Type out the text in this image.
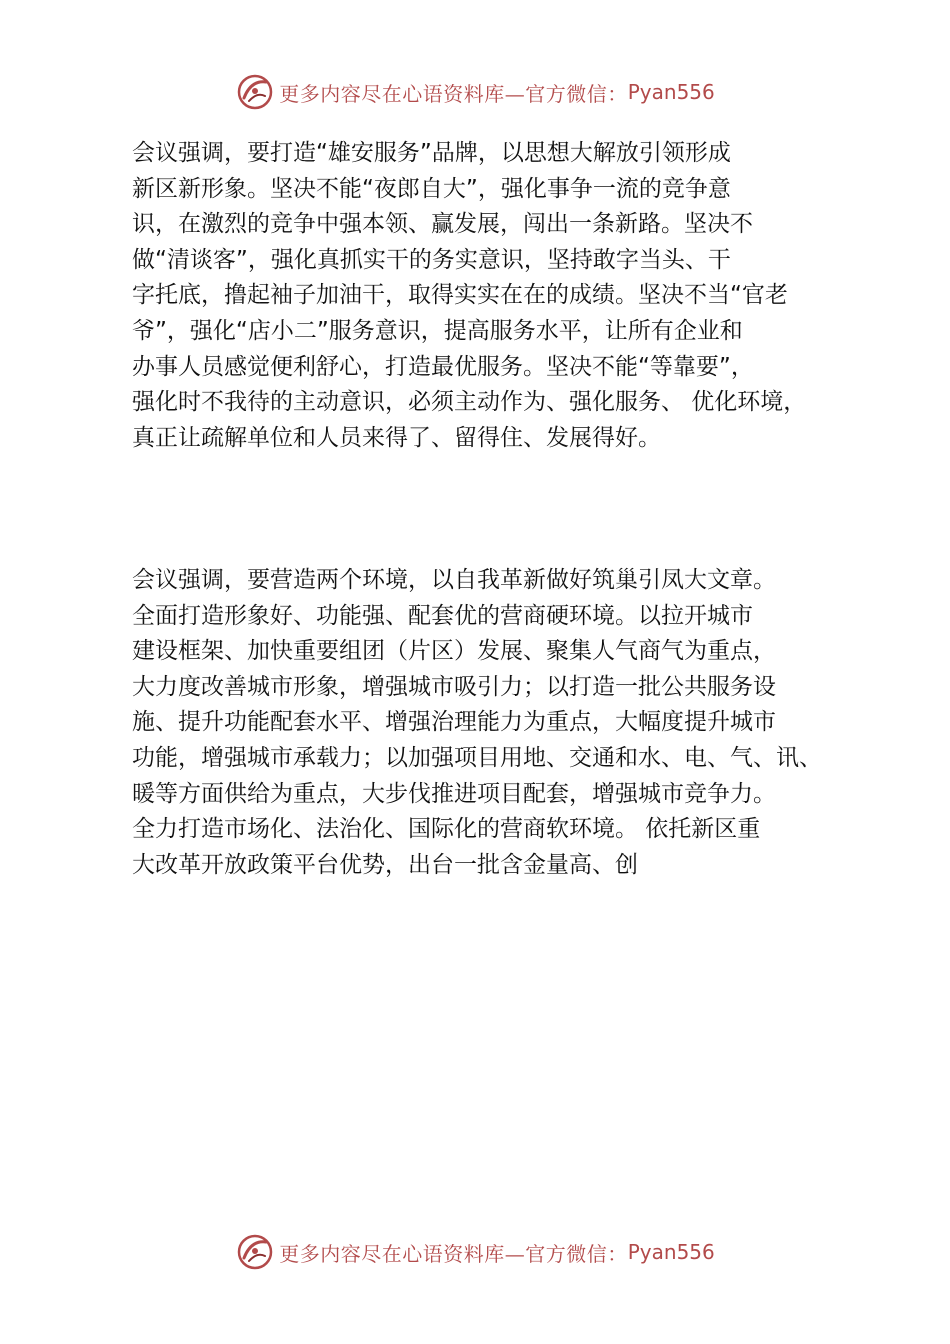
更多内容尽在心语资料库—官方微信： Pyan556
会议强调，要打造“雄安服务”品牌，以思想大解放引领形成
新区新形象。坚决不能“夜郎自大”，强化事争一流的竞争意
识，在激烈的竞争中强本领、赢发展，闯出一条新路。坚决不
做“清谈客”，强化真抓实干的务实意识，坚持敢字当头、干
字托底，撸起袖子加油干，取得实实在在的成绩。坚决不当“官老
爷”，强化“店小二”服务意识，提高服务水平，让所有企业和
办事人员感觉便利舒心，打造最优服务。坚决不能“等靠要”，
强化时不我待的主动意识，必须主动作为、强化服务、 优化环境，
真正让疏解单位和人员来得了、留得住、发展得好。
会议强调，要营造两个环境，以自我革新做好筑巢引凤大文章。
全面打造形象好、功能强、配套优的营商硬环境。以拉开城市
建设框架、加快重要组团（片区）发展、聚集人气商气为重点，
大力度改善城市形象，增强城市吸引力；以打造一批公共服务设
施、提升功能配套水平、增强治理能力为重点，大幅度提升城市
功能，增强城市承载力；以加强项目用地、交通和水、电、气、讯、
暖等方面供给为重点，大步伐推进项目配套，增强城市竞争力。
全力打造市场化、法治化、国际化的营商软环境。 依托新区重
大改革开放政策平台优势，出台一批含金量高、创
更多内容尽在心语资料库—官方微信： Pyan556
